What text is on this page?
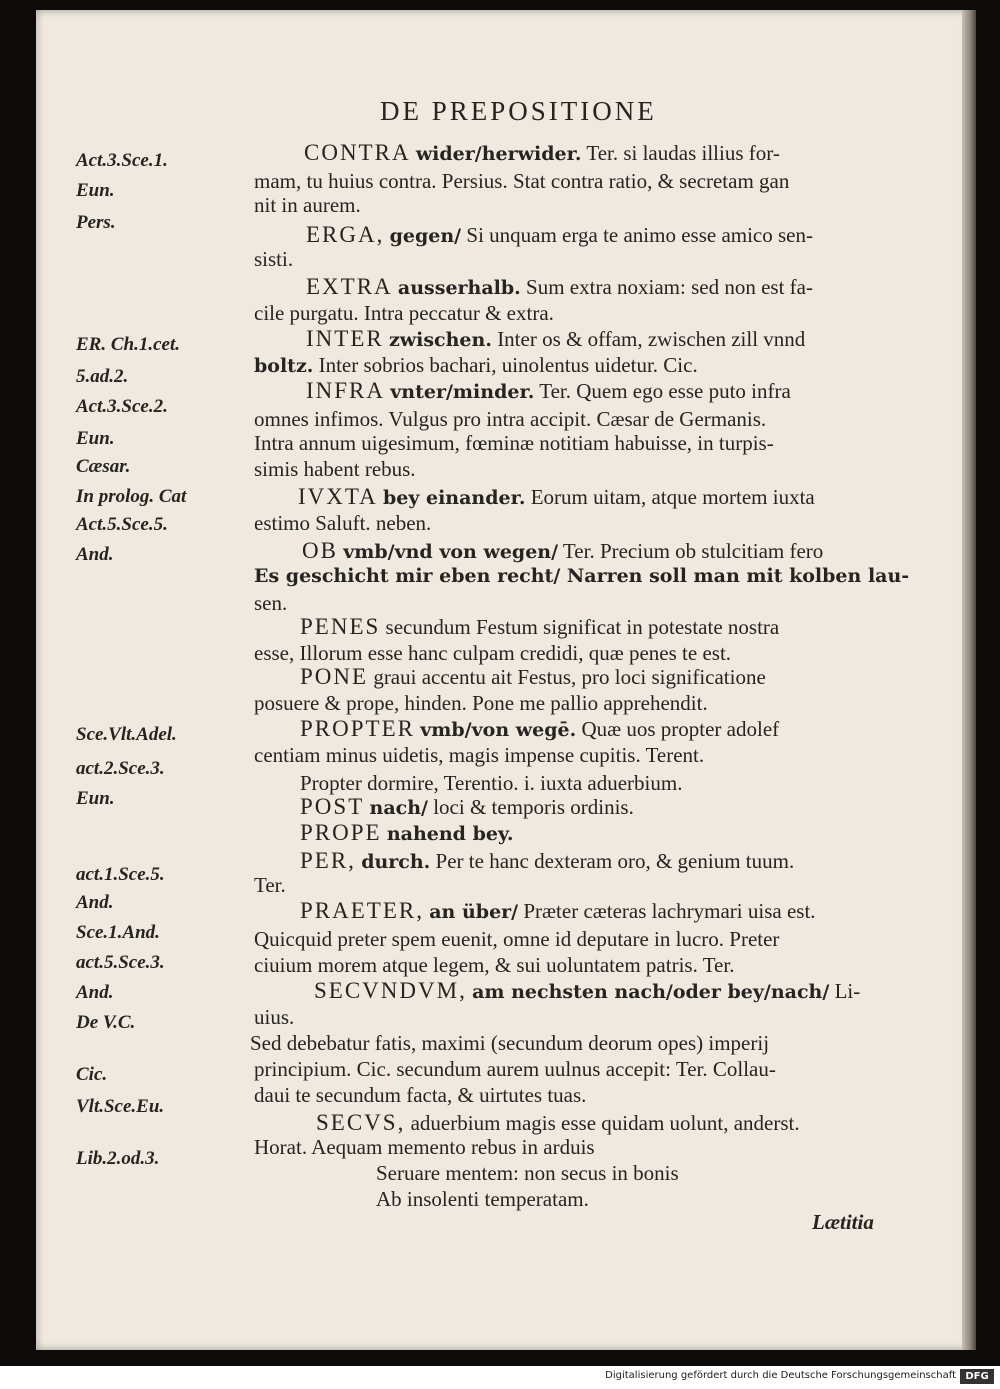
DE PREPOSITIONE
Act.3.Sce.1.
Eun.
Pers.
ER. Ch.1.cet.
5.ad.2.
Act.3.Sce.2.
Eun.
Cæsar.
In prolog. Cat
Act.5.Sce.5.
And.
Sce.Vlt.Adel.
act.2.Sce.3.
Eun.
act.1.Sce.5.
And.
Sce.1.And.
act.5.Sce.3.
And.
De V.C.
Cic.
Vlt.Sce.Eu.
Lib.2.od.3.
CONTRA wider/herwider. Ter. si laudas illius for-
mam, tu huius contra. Persius. Stat contra ratio, & secretam gan
nit in aurem.
ERGA, gegen/ Si unquam erga te animo esse amico sen-
sisti.
EXTRA ausserhalb. Sum extra noxiam: sed non est fa-
cile purgatu. Intra peccatur & extra.
INTER zwischen. Inter os & offam, zwischen zill vnnd
boltz. Inter sobrios bachari, uinolentus uidetur. Cic.
INFRA vnter/minder. Ter. Quem ego esse puto infra
omnes infimos. Vulgus pro intra accipit. Cæsar de Germanis.
Intra annum uigesimum, fœminæ notitiam habuisse, in turpis-
simis habent rebus.
IVXTA bey einander. Eorum uitam, atque mortem iuxta
estimo Saluft. neben.
OB vmb/vnd von wegen/ Ter. Precium ob stulcitiam fero
Es geschicht mir eben recht/ Narren soll man mit kolben lau-
sen.
PENES secundum Festum significat in potestate nostra
esse, Illorum esse hanc culpam credidi, quæ penes te est.
PONE graui accentu ait Festus, pro loci significatione
posuere & prope, hinden. Pone me pallio apprehendit.
PROPTER vmb/von wegē. Quæ uos propter adolef
centiam minus uidetis, magis impense cupitis. Terent.
Propter dormire, Terentio. i. iuxta aduerbium.
POST nach/ loci & temporis ordinis.
PROPE nahend bey.
PER, durch. Per te hanc dexteram oro, & genium tuum.
Ter.
PRAETER, an über/ Præter cæteras lachrymari uisa est.
Quicquid preter spem euenit, omne id deputare in lucro. Preter
ciuium morem atque legem, & sui uoluntatem patris. Ter.
SECVNDVM, am nechsten nach/oder bey/nach/ Li-
uius.
Sed debebatur fatis, maximi (secundum deorum opes) imperij
principium. Cic. secundum aurem uulnus accepit: Ter. Collau-
daui te secundum facta, & uirtutes tuas.
SECVS, aduerbium magis esse quidam uolunt, anderst.
Horat. Aequam memento rebus in arduis
Seruare mentem: non secus in bonis
Ab insolenti temperatam.
Lætitia
Digitalisierung gefördert durch die Deutsche Forschungsgemeinschaft DFG
